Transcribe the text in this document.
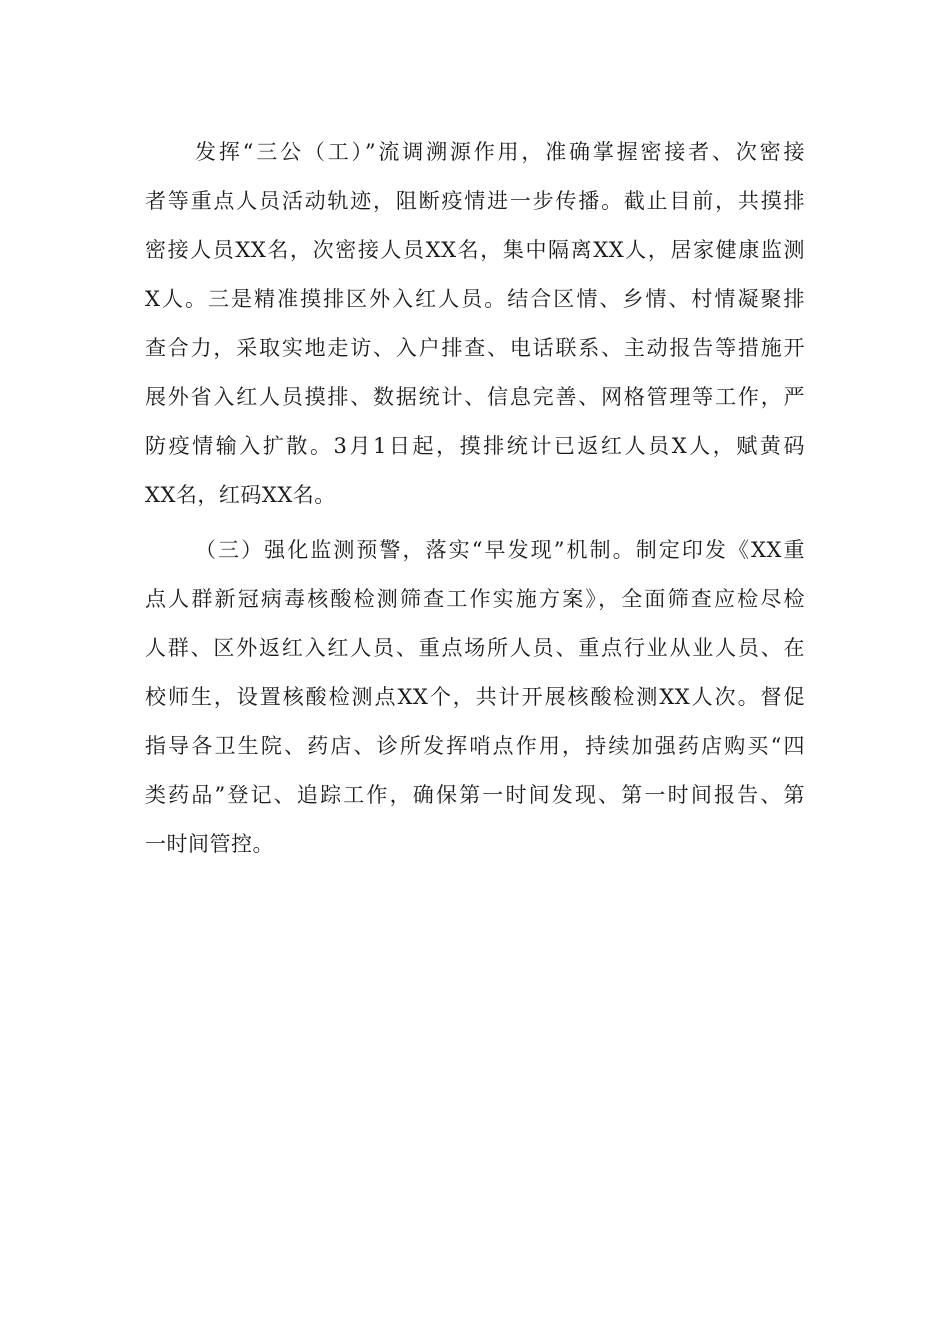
发挥“三公（工）”流调溯源作用，准确掌握密接者、次密接
者等重点人员活动轨迹，阻断疫情进一步传播。截止目前，共摸排
密接人员XX名，次密接人员XX名，集中隔离XX人，居家健康监测
X人。三是精准摸排区外入红人员。结合区情、乡情、村情凝聚排
查合力，采取实地走访、入户排查、电话联系、主动报告等措施开
展外省入红人员摸排、数据统计、信息完善、网格管理等工作，严
防疫情输入扩散。3月1日起，摸排统计已返红人员X人，赋黄码
XX名，红码XX名。
（三）强化监测预警，落实“早发现”机制。制定印发《XX重
点人群新冠病毒核酸检测筛查工作实施方案》，全面筛查应检尽检
人群、区外返红入红人员、重点场所人员、重点行业从业人员、在
校师生，设置核酸检测点XX个，共计开展核酸检测XX人次。督促
指导各卫生院、药店、诊所发挥哨点作用，持续加强药店购买“四
类药品”登记、追踪工作，确保第一时间发现、第一时间报告、第
一时间管控。
